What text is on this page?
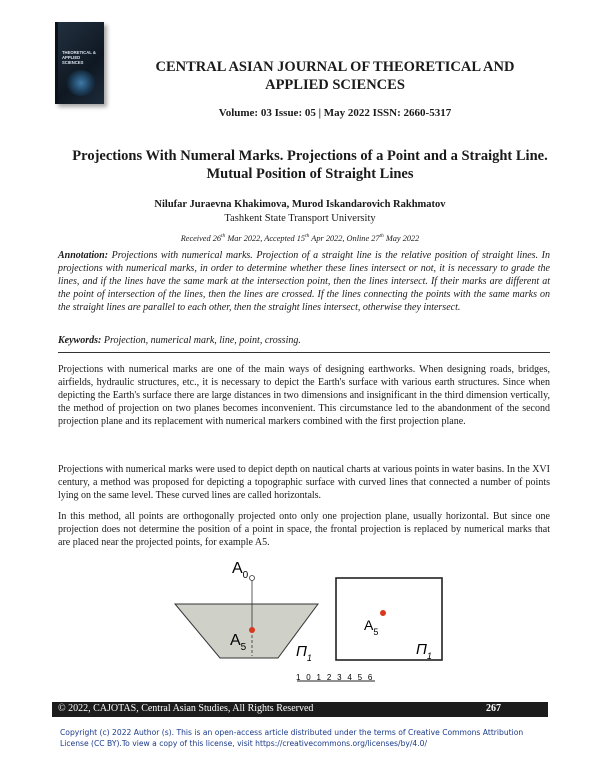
THEORETICAL & APPLIED SCIENCES	CENTRAL ASIAN JOURNAL OF THEORETICAL AND APPLIED SCIENCES
Volume: 03 Issue: 05 | May 2022 ISSN: 2660-5317
Projections With Numeral Marks. Projections of a Point and a Straight Line. Mutual Position of Straight Lines
Nilufar Juraevna Khakimova, Murod Iskandarovich Rakhmatov
Tashkent State Transport University
Received 26th Mar 2022, Accepted 15th Apr 2022, Online 27th May 2022
Annotation: Projections with numerical marks. Projection of a straight line is the relative position of straight lines. In projections with numerical marks, in order to determine whether these lines intersect or not, it is necessary to grade the lines, and if the lines have the same mark at the intersection point, then the lines intersect. If their marks are different at the point of intersection of the lines, then the lines are crossed. If the lines connecting the points with the same marks on the straight lines are parallel to each other, then the straight lines intersect, otherwise they intersect.
Keywords: Projection, numerical mark, line, point, crossing.
Projections with numerical marks are one of the main ways of designing earthworks. When designing roads, bridges, airfields, hydraulic structures, etc., it is necessary to depict the Earth's surface with various earth structures. Since when depicting the Earth's surface there are large distances in two dimensions and insignificant in the third dimension vertically, the method of projection on two planes becomes inconvenient. This circumstance led to the abandonment of the second projection plane and its replacement with numerical markers combined with the first projection plane.
Projections with numerical marks were used to depict depth on nautical charts at various points in water basins. In the XVI century, a method was proposed for depicting a topographic surface with curved lines that connected a number of points lying on the same level. These curved lines are called horizontals.
In this method, all points are orthogonally projected onto only one projection plane, usually horizontal. But since one projection does not determine the position of a point in space, the frontal projection is replaced by numerical marks that are placed near the projected points, for example A5.
$A_0$
$A_5$	$П_1$
$A_5$
$П_1$
1 0 1 2 3 4 5 6
© 2022, CAJOTAS, Central Asian Studies, All Rights Reserved	267
Copyright (c) 2022 Author (s). This is an open-access article distributed under the terms of Creative Commons Attribution License (CC BY).To view a copy of this license, visit https://creativecommons.org/licenses/by/4.0/
